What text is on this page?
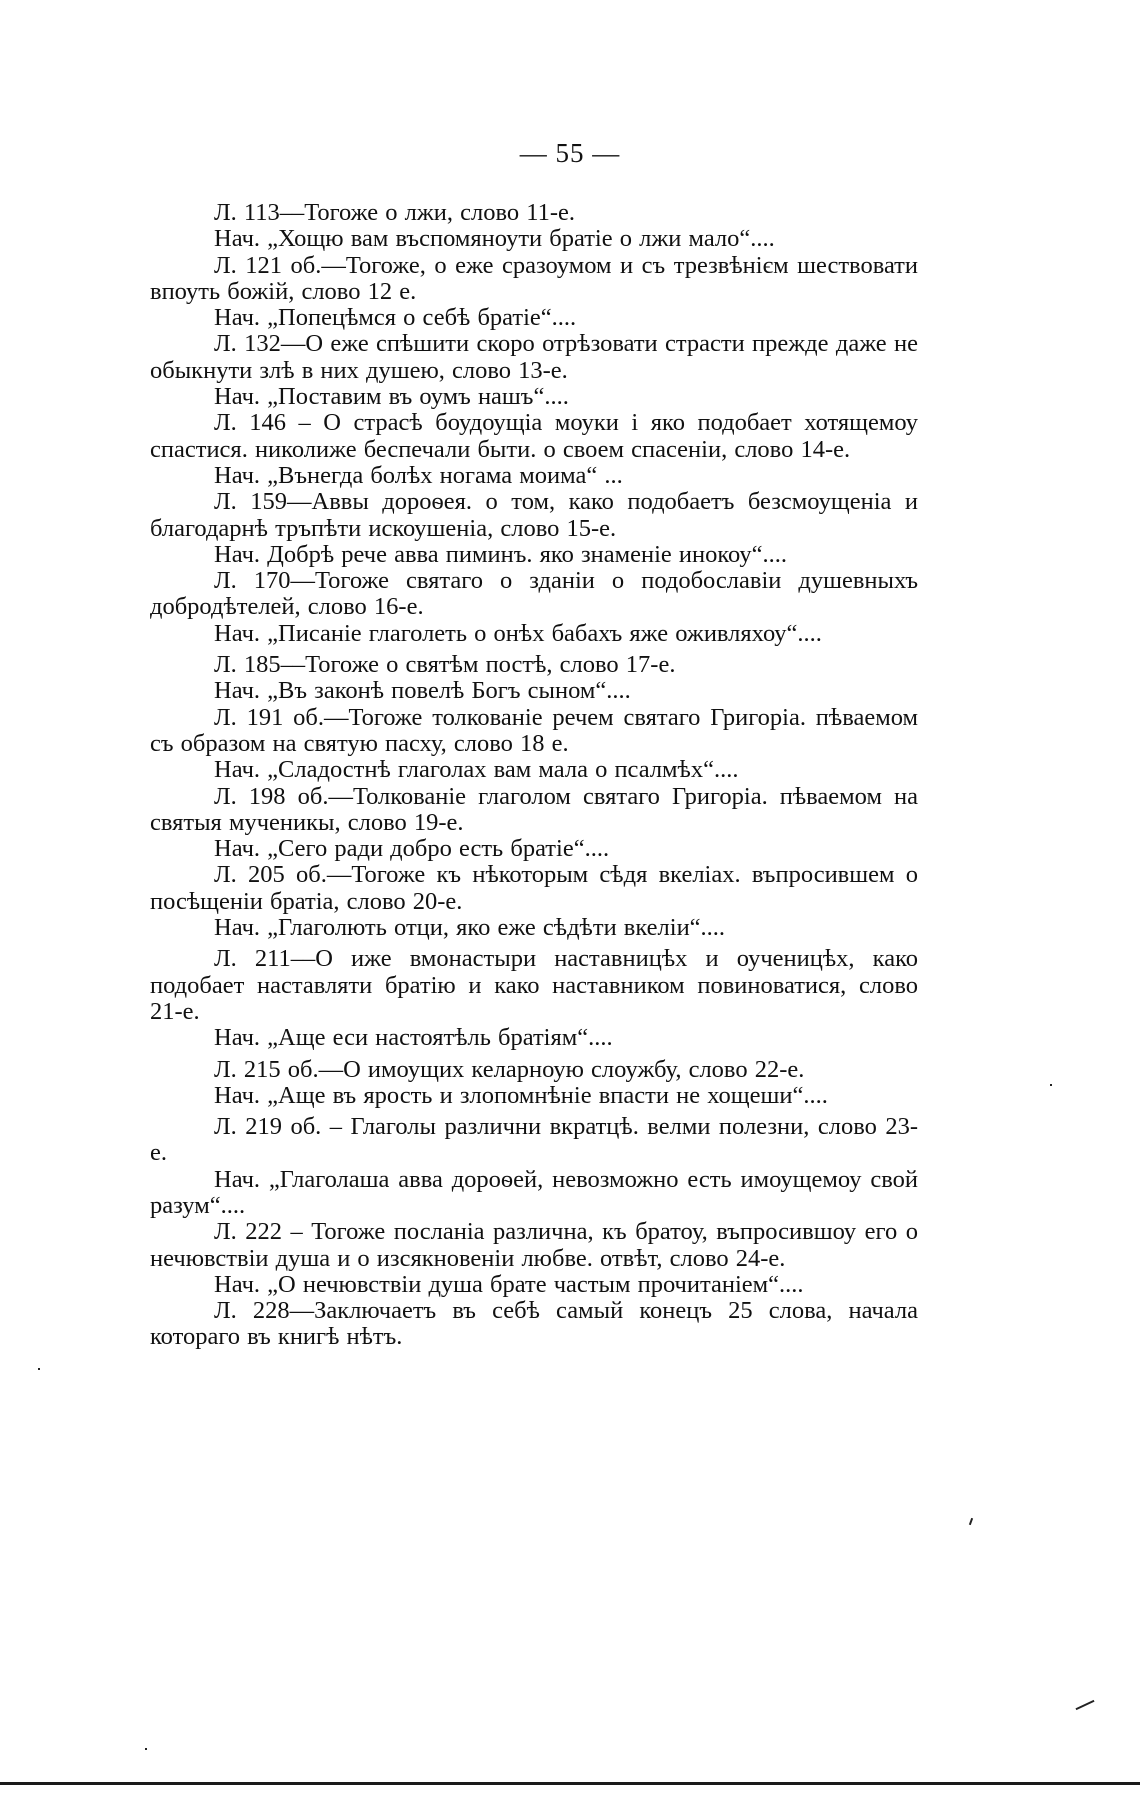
— 55 —

Л. 113––Тогоже о лжи, слово 11-е.

Нач. „Хощю вам въспомяноути братіе о лжи мало“....

Л. 121 об.—Тогоже, о еже сразоумом и съ трезвѣнієм шествовати впоуть божій, слово 12 е.

Нач. „Попецѣмся о себѣ братіе“....

Л. 132—О еже спѣшити скоро отрѣзовати страсти прежде даже не обыкнути злѣ в них душею, слово 13-е.

Нач. „Поставим въ оумъ нашъ“....

Л. 146 – О страсѣ боудоущіа моуки і яко подобает хотящемоу спастися. николиже беспечали быти. о своем спасеніи, слово 14-е.

Нач. „Вънегда болѣх ногама моима“ ...

Л. 159—Аввы дороѳея. о том, како подобаетъ безсмоущеніа и благодарнѣ тръпѣти искоушеніа, слово 15-е.

Нач. Добрѣ рече авва пиминъ. яко знаменіе инокоу“....

Л. 170—Тогоже святаго о зданіи о подобославіи душевныхъ добродѣтелей, слово 16-е.

Нач. „Писаніе глаголеть о онѣх бабахъ яже оживляхоу“....

Л. 185––Тогоже о святѣм постѣ, слово 17-е.

Нач. „Въ законѣ повелѣ Богъ сыном“....

Л. 191 об.—Тогоже толкованіе речем святаго Григоріа. пѣваемом съ образом на святую пасху, слово 18 е.

Нач. „Сладостнѣ глаголах вам мала о псалмѣх“....

Л. 198 об.—Толкованіе глаголом святаго Григоріа. пѣваемом на святыя мученикы, слово 19-е.

Нач. „Сего ради добро есть братіе“....

Л. 205 об.—Тогоже къ нѣкоторым сѣдя вкеліах. въпросившем о посѣщеніи братіа, слово 20-е.

Нач. „Глаголють отци, яко еже сѣдѣти вкеліи“....

Л. 211––О иже вмонастыри наставницѣх и оученицѣх, како подобает наставляти братію и како наставником повиноватися, слово 21-е.

Нач. „Аще еси настоятѣль братіям“....

Л. 215 об.—О имоущих келарноую слоужбу, слово 22-е.

Нач. „Аще въ ярость и злопомнѣніе впасти не хощеши“....

Л. 219 об. – Глаголы различни вкратцѣ. велми полезни, слово 23-е.

Нач. „Глаголаша авва дороѳей, невозможно есть имоущемоу свой разум“....

Л. 222 – Тогоже посланіа различна, къ братоу, въпросившоу его о нечювствіи душа и о изсякновеніи любве. отвѣт, слово 24-е.

Нач. „О нечювствіи душа брате частым прочитаніем“....

Л. 228—Заключаетъ въ себѣ самый конецъ 25 слова, начала котораго въ книгѣ нѣтъ.
